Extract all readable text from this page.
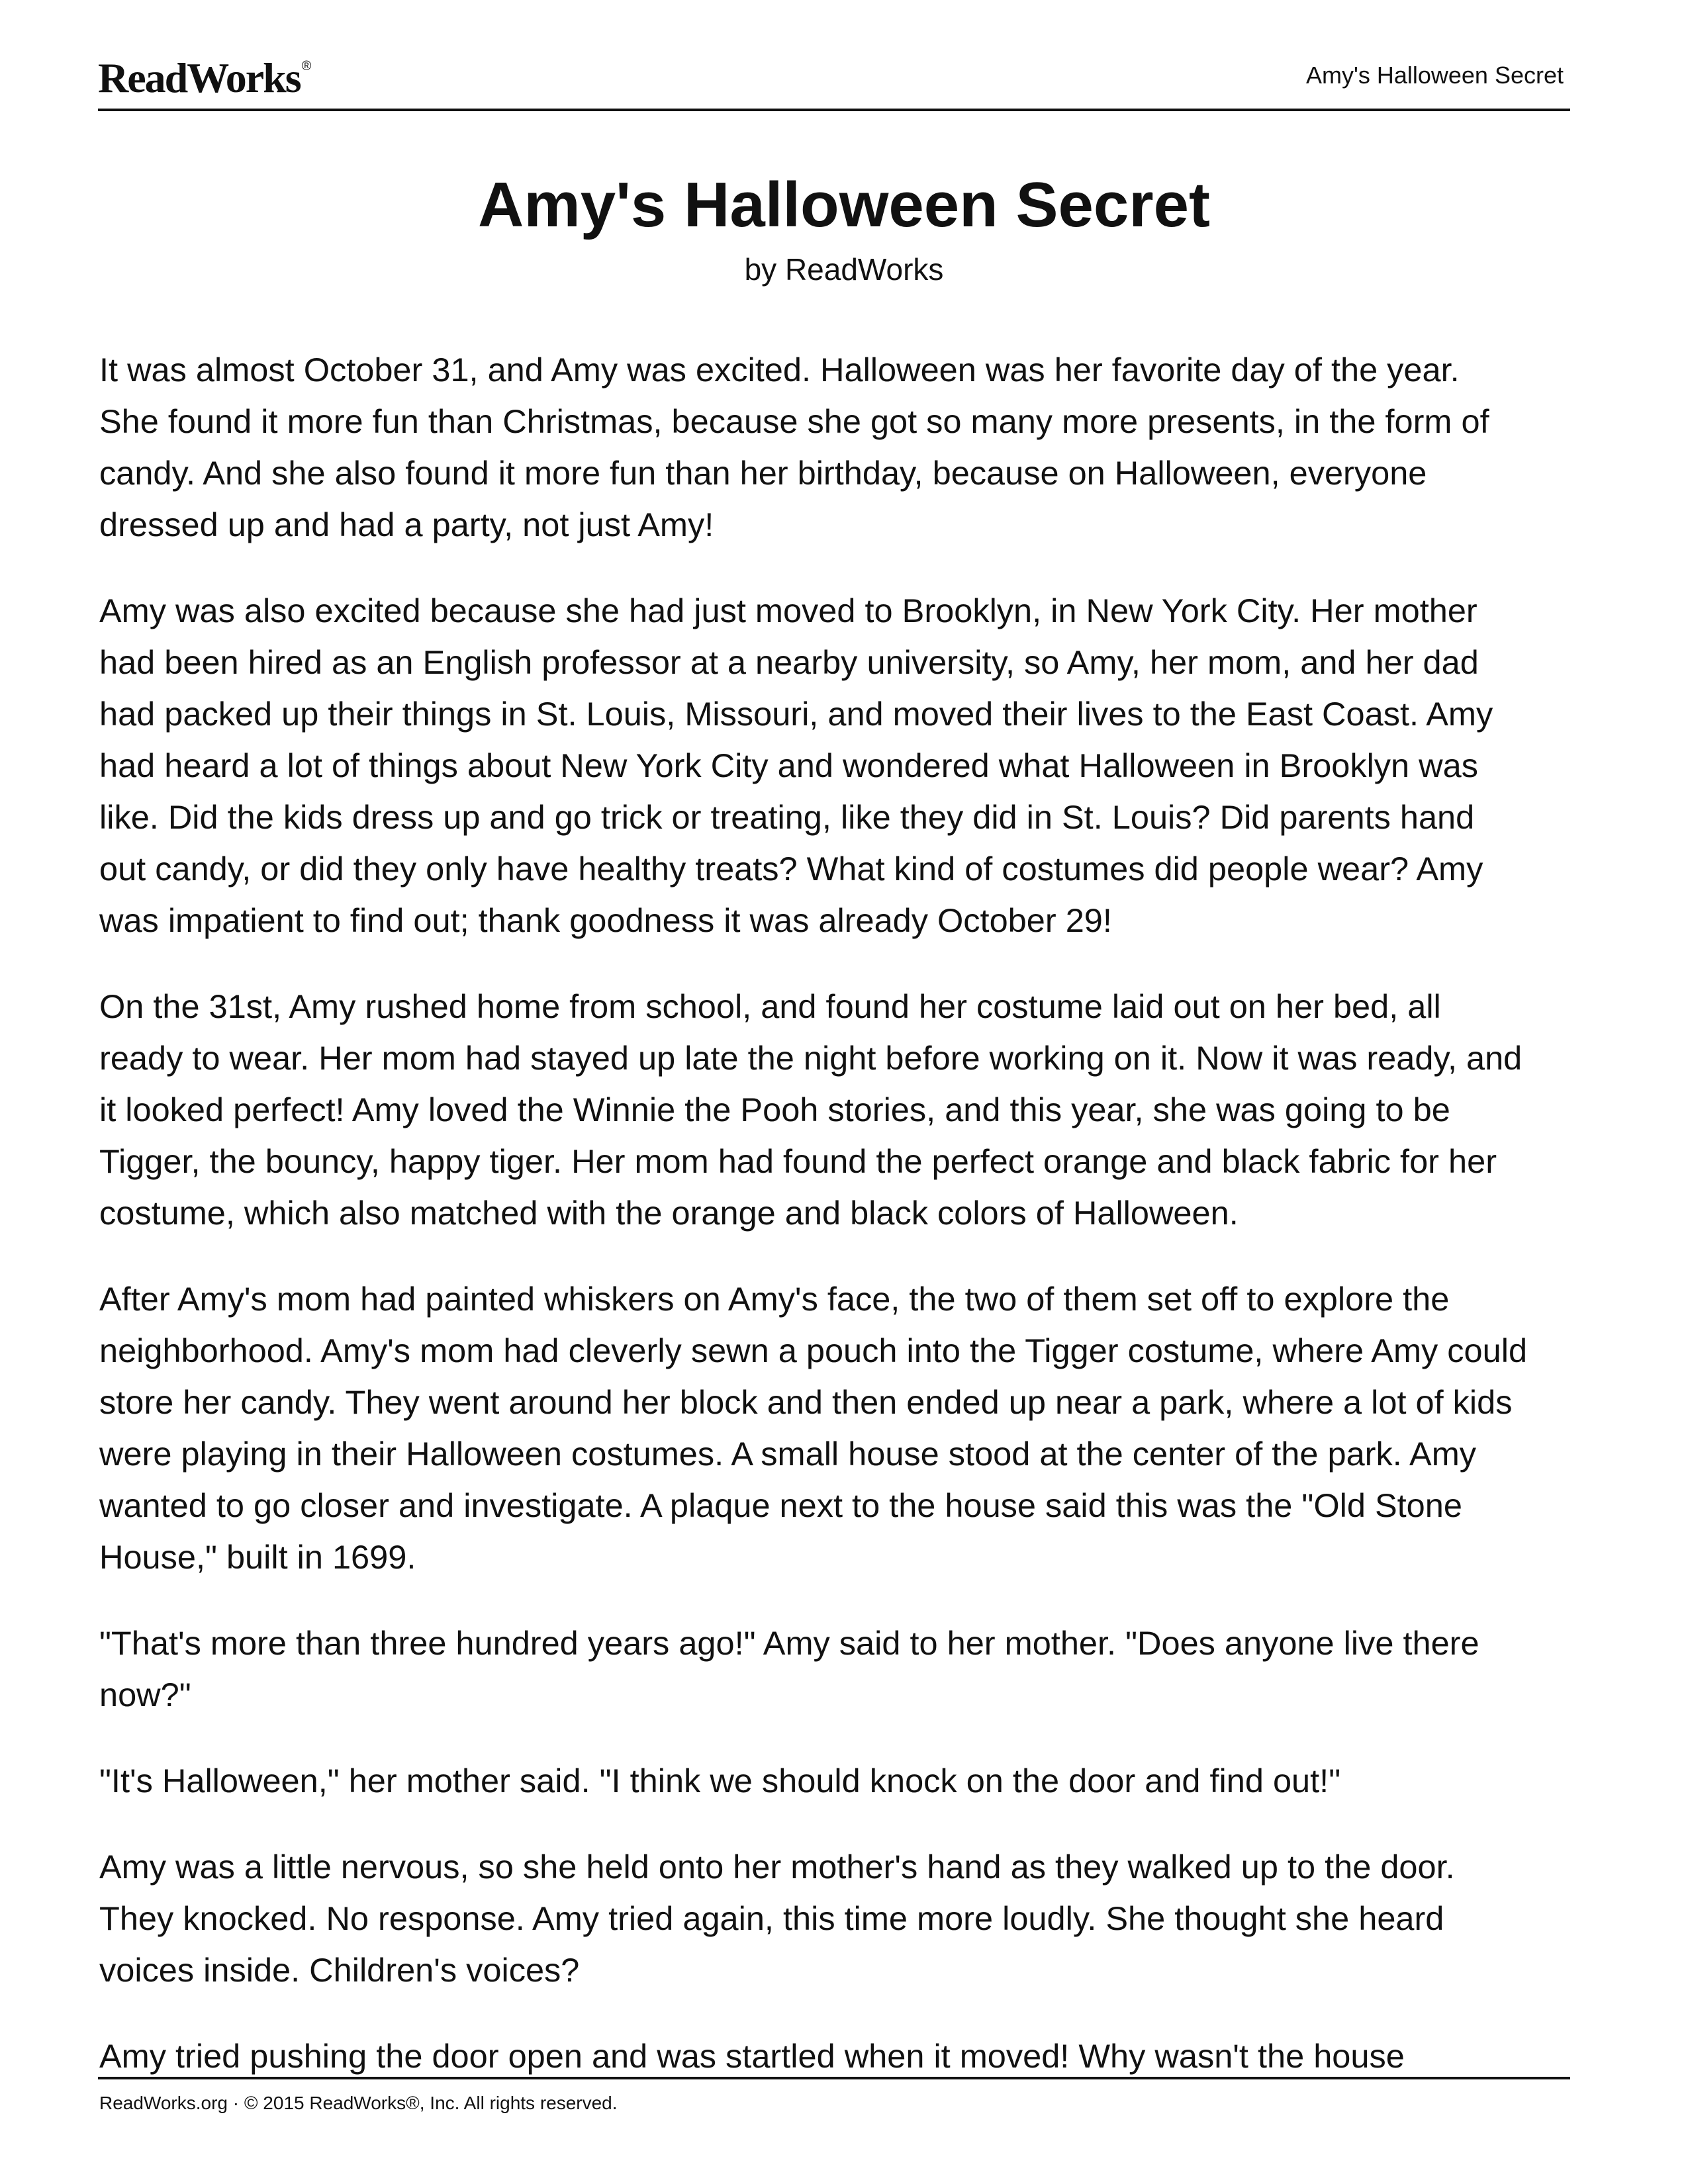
ReadWorks ®	Amy's Halloween Secret
Amy's Halloween Secret
by ReadWorks

It was almost October 31, and Amy was excited. Halloween was her favorite day of the year.
She found it more fun than Christmas, because she got so many more presents, in the form of
candy. And she also found it more fun than her birthday, because on Halloween, everyone
dressed up and had a party, not just Amy!

Amy was also excited because she had just moved to Brooklyn, in New York City. Her mother
had been hired as an English professor at a nearby university, so Amy, her mom, and her dad
had packed up their things in St. Louis, Missouri, and moved their lives to the East Coast. Amy
had heard a lot of things about New York City and wondered what Halloween in Brooklyn was
like. Did the kids dress up and go trick or treating, like they did in St. Louis? Did parents hand
out candy, or did they only have healthy treats? What kind of costumes did people wear? Amy
was impatient to find out; thank goodness it was already October 29!

On the 31st, Amy rushed home from school, and found her costume laid out on her bed, all
ready to wear. Her mom had stayed up late the night before working on it. Now it was ready, and
it looked perfect! Amy loved the Winnie the Pooh stories, and this year, she was going to be
Tigger, the bouncy, happy tiger. Her mom had found the perfect orange and black fabric for her
costume, which also matched with the orange and black colors of Halloween.

After Amy's mom had painted whiskers on Amy's face, the two of them set off to explore the
neighborhood. Amy's mom had cleverly sewn a pouch into the Tigger costume, where Amy could
store her candy. They went around her block and then ended up near a park, where a lot of kids
were playing in their Halloween costumes. A small house stood at the center of the park. Amy
wanted to go closer and investigate. A plaque next to the house said this was the "Old Stone
House," built in 1699.

"That's more than three hundred years ago!" Amy said to her mother. "Does anyone live there
now?"

"It's Halloween," her mother said. "I think we should knock on the door and find out!"

Amy was a little nervous, so she held onto her mother's hand as they walked up to the door.
They knocked. No response. Amy tried again, this time more loudly. She thought she heard
voices inside. Children's voices?

Amy tried pushing the door open and was startled when it moved! Why wasn't the house

ReadWorks.org · © 2015 ReadWorks®, Inc. All rights reserved.
